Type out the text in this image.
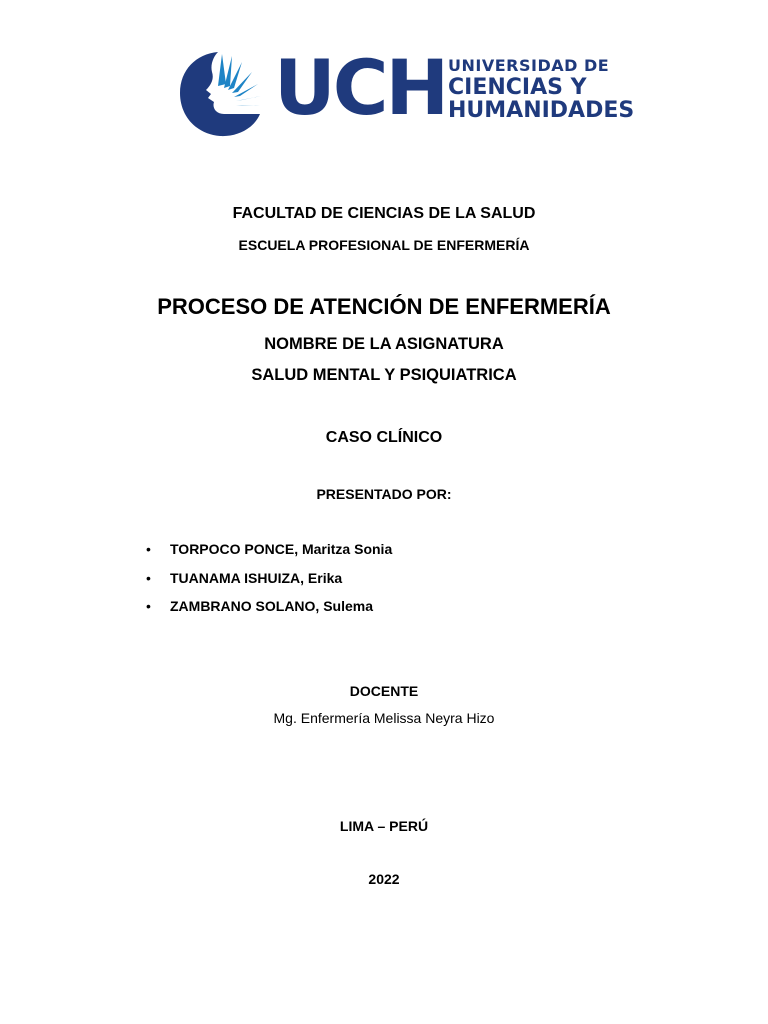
UCH UNIVERSIDAD DE
CIENCIAS Y
HUMANIDADES

FACULTAD DE CIENCIAS DE LA SALUD

ESCUELA PROFESIONAL DE ENFERMERÍA

PROCESO DE ATENCIÓN DE ENFERMERÍA

NOMBRE DE LA ASIGNATURA

SALUD MENTAL Y PSIQUIATRICA

CASO CLÍNICO

PRESENTADO POR:

• TORPOCO PONCE, Maritza Sonia
• TUANAMA ISHUIZA, Erika
• ZAMBRANO SOLANO, Sulema

DOCENTE

Mg. Enfermería Melissa Neyra Hizo

LIMA – PERÚ

2022
